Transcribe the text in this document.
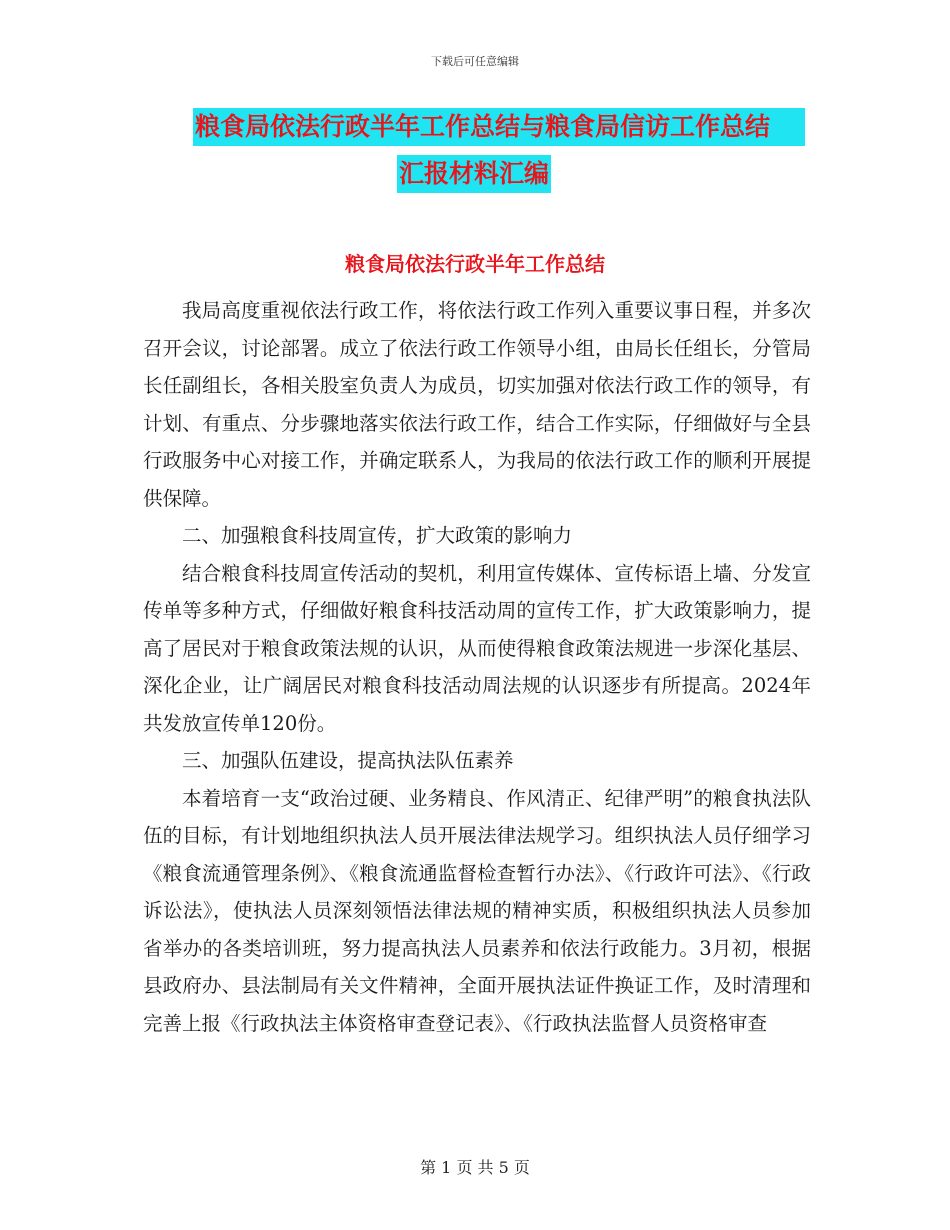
下载后可任意编辑
粮食局依法行政半年工作总结与粮食局信访工作总结
汇报材料汇编
粮食局依法行政半年工作总结

我局高度重视依法行政工作，将依法行政工作列入重要议事日程，并多次召开会议，讨论部署。成立了依法行政工作领导小组，由局长任组长，分管局长任副组长，各相关股室负责人为成员，切实加强对依法行政工作的领导，有计划、有重点、分步骤地落实依法行政工作，结合工作实际，仔细做好与全县行政服务中心对接工作，并确定联系人，为我局的依法行政工作的顺利开展提供保障。

二、加强粮食科技周宣传，扩大政策的影响力

结合粮食科技周宣传活动的契机，利用宣传媒体、宣传标语上墙、分发宣传单等多种方式，仔细做好粮食科技活动周的宣传工作，扩大政策影响力，提高了居民对于粮食政策法规的认识，从而使得粮食政策法规进一步深化基层、深化企业，让广阔居民对粮食科技活动周法规的认识逐步有所提高。2024年共发放宣传单120份。

三、加强队伍建设，提高执法队伍素养

本着培育一支“政治过硬、业务精良、作风清正、纪律严明”的粮食执法队伍的目标，有计划地组织执法人员开展法律法规学习。组织执法人员仔细学习《粮食流通管理条例》、《粮食流通监督检查暂行办法》、《行政许可法》、《行政诉讼法》，使执法人员深刻领悟法律法规的精神实质，积极组织执法人员参加省举办的各类培训班，努力提高执法人员素养和依法行政能力。3月初，根据县政府办、县法制局有关文件精神，全面开展执法证件换证工作，及时清理和完善上报《行政执法主体资格审查登记表》、《行政执法监督人员资格审查

第 1 页 共 5 页
